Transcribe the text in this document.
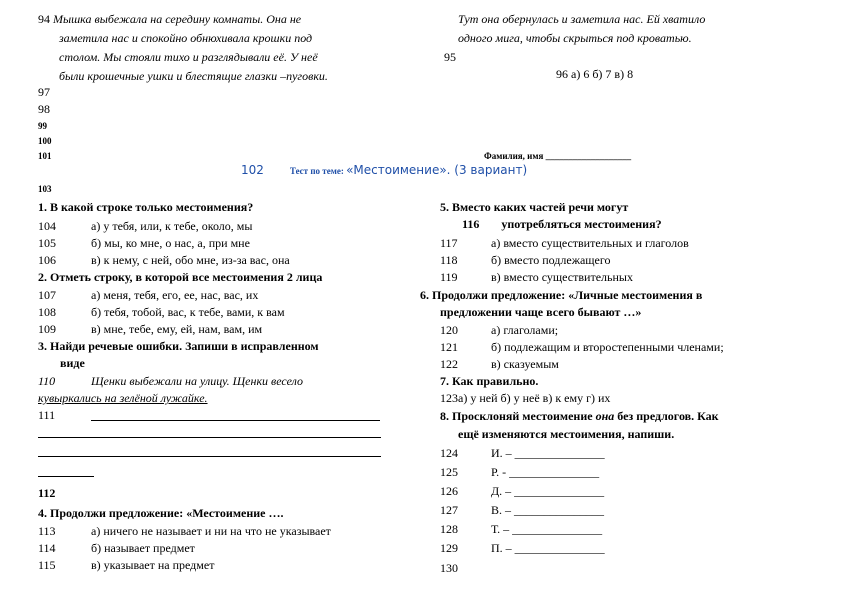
94 Мышка выбежала на середину комнаты. Она не
заметила нас и спокойно обнюхивала крошки под
столом. Мы стояли тихо и разглядывали её. У неё
были крошечные ушки и блестящие глазки –пуговки.
Тут она обернулась и заметила нас. Ей хватило
одного мига, чтобы скрыться под кроватью.
95
96 а) 6 б) 7 в) 8
97
98
99
100
101	Фамилия, имя ___________________
102	Тест по теме: «Местоимение». (3 вариант)
103
1. В какой строке только местоимения?
104	а) у тебя, или, к тебе, около, мы
105	б) мы, ко мне, о нас, а, при мне
106	в) к нему, с ней, обо мне, из-за вас, она
2. Отметь строку, в которой все местоимения 2 лица
107	а) меня, тебя, его, ее, нас, вас, их
108	б) тебя, тобой, вас, к тебе, вами, к вам
109	в) мне, тебе, ему, ей, нам, вам, им
3. Найди речевые ошибки. Запиши в исправленном
виде
110	Щенки выбежали на улицу. Щенки весело
кувыркались на зелёной лужайке.
111
112
4. Продолжи предложение: «Местоимение ….
113	а) ничего не называет и ни на что не указывает
114	б) называет предмет
115	в) указывает на предмет
5. Вместо каких частей речи могут
116 употребляться местоимения?
117	а) вместо существительных и глаголов
118	б) вместо подлежащего
119	в) вместо существительных
6. Продолжи предложение: «Личные местоимения в
предложении чаще всего бывают …»
120	а) глаголами;
121	б) подлежащим и второстепенными членами;
122	в) сказуемым
7. Как правильно.
123а) у ней б) у неё в) к ему г) их
8. Просклоняй местоимение она без предлогов. Как
ещё изменяются местоимения, напиши.
124	И. – _______________
125	Р. - _______________
126	Д. – _______________
127	В. – _______________
128	Т. – _______________
129	П. – _______________
130
